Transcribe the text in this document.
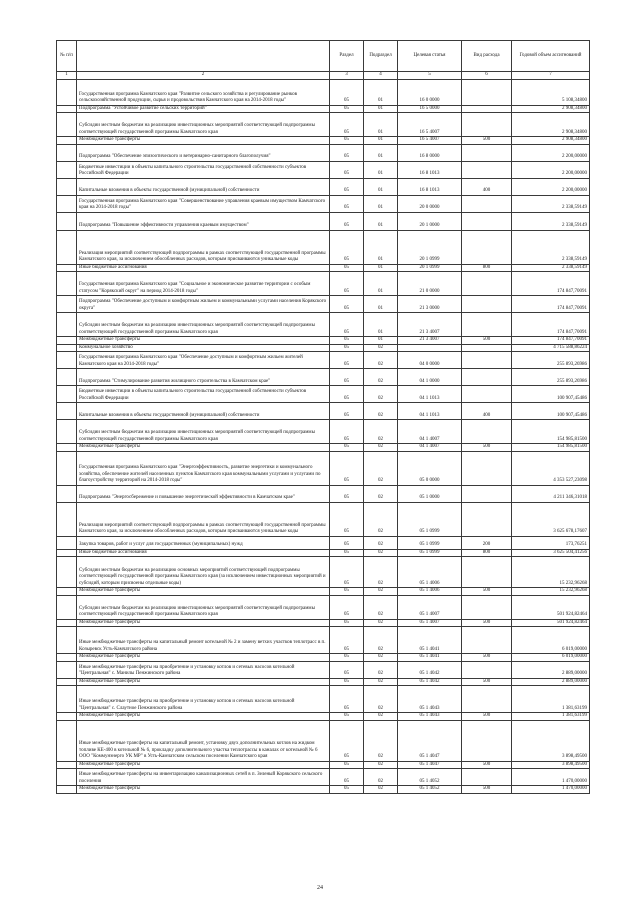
№ п/п		Раздел	Подраздел	Целевая статья	Вид расхода	Годовой объем ассигнований
1	2	3	4	5	6	7
	Государственная программа Камчатского края "Развитие сельского хозяйства и регулирование рынков сельскохозяйственной продукции, сырья и продовольствия Камчатского края на 2014-2018 годы"	05	01	16 0 0000		5 108,34800
	Подпрограмма "Устойчивое развитие сельских территорий"	05	01	16 5 0000		2 908,34800
	Субсидии местным бюджетам на реализацию инвестиционных мероприятий соответствующей подпрограммы соответствующей государственной программы Камчатского края	05	01	16 5 4007		2 908,34800
	Межбюджетные трансферты	05	01	16 5 4007	500	2 908,34800
	Подпрограмма "Обеспечение эпизоотического и ветеринарно-санитарного благополучия"	05	01	16 8 0000		2 200,00000
	Бюджетные инвестиции в объекты капитального строительства государственной собственности субъектов Российской Федерации	05	01	16 8 1013		2 200,00000
	Капитальные вложения в объекты государственной (муниципальной) собственности	05	01	16 8 1013	400	2 200,00000
	Государственная программа Камчатского края "Совершенствование управления краевым имуществом Камчатского края на 2014-2018 годы"	05	01	20 0 0000		2 338,59149
	Подпрограмма "Повышение эффективности управления краевым имуществом"	05	01	20 1 0000		2 338,59149
	Реализация мероприятий соответствующей подпрограммы в рамках соответствующей государственной программы Камчатского края, за исключением обособленных расходов, которым присваиваются уникальные коды	05	01	20 1 0999		2 338,59149
	Иные бюджетные ассигнования	05	01	20 1 0999	800	2 338,59149
	Государственная программа Камчатского края "Социальное и экономическое развитие территории с особым статусом "Корякский округ" на период 2014-2018 годы"	05	01	21 0 0000		174 847,70091
	Подпрограмма "Обеспечение доступным и комфортным жильем и коммунальными услугами населения Корякского округа"	05	01	21 3 0000		174 847,70091
	Субсидии местным бюджетам на реализацию инвестиционных мероприятий соответствующей подпрограммы соответствующей государственной программы Камчатского края	05	01	21 3 4007		174 847,70091
	Межбюджетные трансферты	05	01	21 3 4007	500	174 847,70091
	Коммунальное хозяйство	05	02			4 715 588,86224
	Государственная программа Камчатского края "Обеспечение доступным и комфортным жильем жителей Камчатского края на 2014-2018 годы"	05	02	04 0 0000		255 893,26986
	Подпрограмма "Стимулирование развития жилищного строительства в Камчатском крае"	05	02	04 1 0000		255 893,26986
	Бюджетные инвестиции в объекты капитального строительства государственной собственности субъектов Российской Федерации	05	02	04 1 1013		100 907,45486
	Капитальные вложения в объекты государственной (муниципальной) собственности	05	02	04 1 1013	400	100 907,45486
	Субсидии местным бюджетам на реализацию инвестиционных мероприятий соответствующей подпрограммы соответствующей государственной программы Камчатского края	05	02	04 1 4007		154 985,81500
	Межбюджетные трансферты	05	02	04 1 4007	500	154 985,81500
	Государственная программа Камчатского края "Энергоэффективность, развитие энергетики и коммунального хозяйства, обеспечение жителей населенных пунктов Камчатского края коммунальными услугами и услугами по благоустройству территорий на 2014-2018 годы"	05	02	05 0 0000		4 353 527,23098
	Подпрограмма "Энергосбережение и повышение энергетической эффективности в Камчатском крае"	05	02	05 1 0000		4 211 346,31018
	Реализация мероприятий соответствующей подпрограммы в рамках соответствующей государственной программы Камчатского края, за исключением обособленных расходов, которым присваиваются уникальные коды	05	02	05 1 0999		3 625 678,17607
	Закупка товаров, работ и услуг для государственных (муниципальных) нужд	05	02	05 1 0999	200	173,76251
	Иные бюджетные ассигнования	05	02	05 1 0999	800	3 625 504,41256
	Субсидии местным бюджетам на реализацию основных мероприятий соответствующей подпрограммы соответствующей государственной программы Камчатского края (за исключением инвестиционных мероприятий и субсидий, которым присвоены отдельные коды)	05	02	05 1 4006		15 232,96268
	Межбюджетные трансферты	05	02	05 1 4006	500	15 232,96268
	Субсидии местным бюджетам на реализацию инвестиционных мероприятий соответствующей подпрограммы соответствующей государственной программы Камчатского края	05	02	05 1 4007		501 924,82464
	Межбюджетные трансферты	05	02	05 1 4007	500	501 924,82464
	Иные межбюджетные трансферты на капитальный ремонт котельной № 2 и замену ветхих участков теплотрасс в п. Козыревск Усть-Камчатского района	05	02	05 1 4041		6 019,00000
	Межбюджетные трансферты	05	02	05 1 4041	500	6 019,00000
	Иные межбюджетные трансферты на приобретение и установку котлов и сетевых насосов котельной "Центральная" с. Манилы Пенжинского района	05	02	05 1 4042		2 889,00000
	Межбюджетные трансферты	05	02	05 1 4042	500	2 889,00000
	Иные межбюджетные трансферты на приобретение и установку котлов и сетевых насосов котельной "Центральная" с. Слаутное Пенжинского района	05	02	05 1 4043		1 381,63199
	Межбюджетные трансферты	05	02	05 1 4043	500	1 381,63199
	Иные межбюджетные трансферты на капитальный ремонт, установку двух дополнительных котлов на жидком топливе КЕ-400 в котельной № 6, прокладку дополнительного участка теплотрассы в каналах от котельной № 6 ООО "Коммунэнерго УК МР" в Усть-Камчатском сельском поселении Камчатского края	05	02	05 1 4047		3 898,49500
	Межбюджетные трансферты	05	02	05 1 4047	500	3 898,49500
	Иные межбюджетные трансферты на инвентаризацию канализационных сетей в п. Зеленый Корякского сельского поселения	05	02	05 1 4052		1 470,00000
	Межбюджетные трансферты	05	02	05 1 4052	500	1 470,00000
24
